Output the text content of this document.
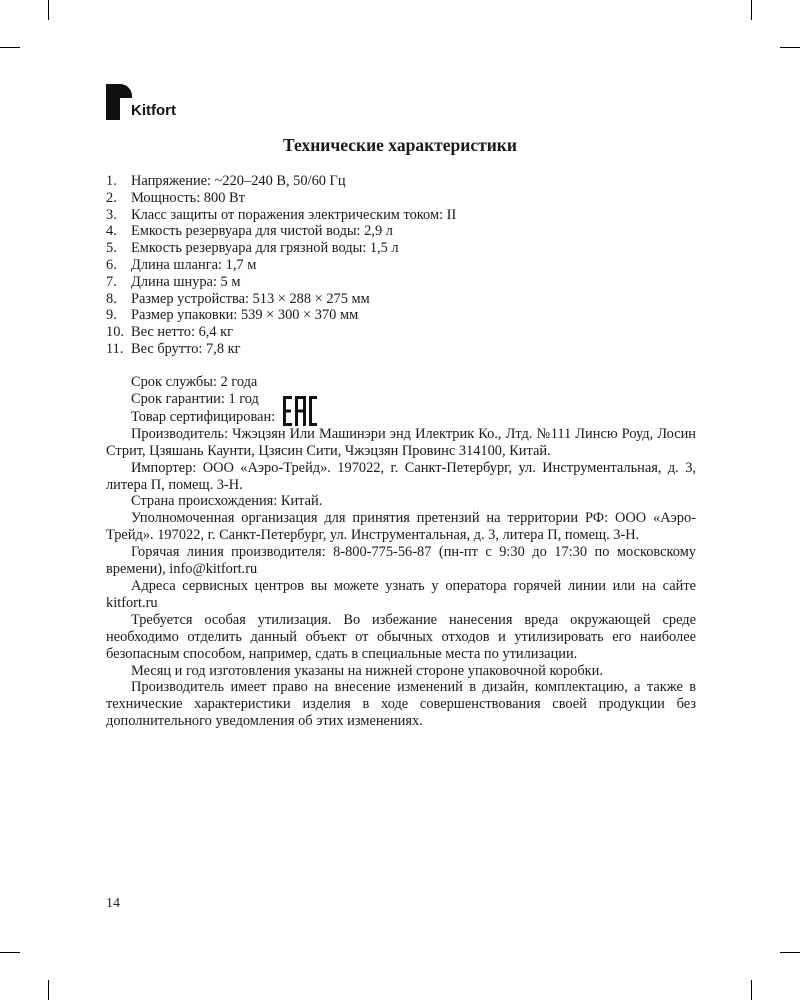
Kitfort
Технические характеристики
1. Напряжение: ~220–240 В, 50/60 Гц
2. Мощность: 800 Вт
3. Класс защиты от поражения электрическим током: II
4. Емкость резервуара для чистой воды: 2,9 л
5. Емкость резервуара для грязной воды: 1,5 л
6. Длина шланга: 1,7 м
7. Длина шнура: 5 м
8. Размер устройства: 513 × 288 × 275 мм
9. Размер упаковки: 539 × 300 × 370 мм
10. Вес нетто: 6,4 кг
11. Вес брутто: 7,8 кг

Срок службы: 2 года

Срок гарантии: 1 год

Товар сертифицирован:

Производитель: Чжэцзян Или Машинэри энд Илектрик Ко., Лтд. №111 Линсю Роуд, Лосин Стрит, Цзяшань Каунти, Цзясин Сити, Чжэцзян Провинс 314100, Китай.

Импортер: ООО «Аэро-Трейд». 197022, г. Санкт-Петербург, ул. Инструментальная, д. 3, литера П, помещ. 3-Н.

Страна происхождения: Китай.

Уполномоченная организация для принятия претензий на территории РФ: ООО «Аэро-Трейд». 197022, г. Санкт-Петербург, ул. Инструментальная, д. 3, литера П, помещ. 3-Н.

Горячая линия производителя: 8-800-775-56-87 (пн-пт с 9:30 до 17:30 по московскому времени), info@kitfort.ru

Адреса сервисных центров вы можете узнать у оператора горячей линии или на сайте kitfort.ru

Требуется особая утилизация. Во избежание нанесения вреда окружающей среде необходимо отделить данный объект от обычных отходов и утилизировать его наиболее безопасным способом, например, сдать в специальные места по утилизации.

Месяц и год изготовления указаны на нижней стороне упаковочной коробки.

Производитель имеет право на внесение изменений в дизайн, комплектацию, а также в технические характеристики изделия в ходе совершенствования своей продукции без дополнительного уведомления об этих изменениях.

14
